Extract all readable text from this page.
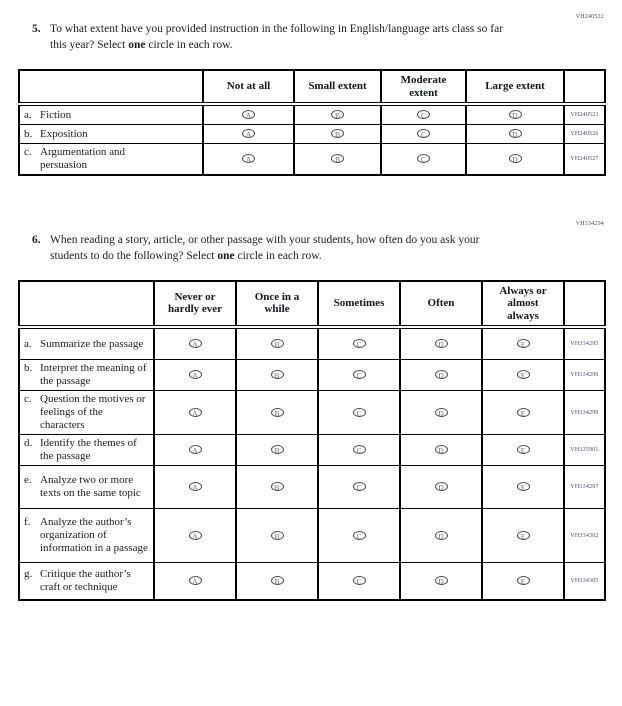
VH240522
5. To what extent have you provided instruction in the following in English/language arts class so far this year? Select one circle in each row.

	Not at all	Small extent	Moderate extent	Large extent	

a. Fiction	A	B	C	D	VH240523

b. Exposition	A	B	C	D	VH240526

c. Argumentation and persuasion	A	B	C	D	VH240527
VH334294
6. When reading a story, article, or other passage with your students, how often do you ask your students to do the following? Select one circle in each row.

	Never or hardly ever	Once in a while	Sometimes	Often	Always or almost always	

a. Summarize the passage	A	B	C	D	E	VH334295

b. Interpret the meaning of the passage	A	B	C	D	E	VH334296

c. Question the motives or feelings of the characters	A	B	C	D	E	VH334299

d. Identify the themes of the passage	A	B	C	D	E	VH335901

e. Analyze two or more texts on the same topic	A	B	C	D	E	VH334297

f. Analyze the author’s organization of information in a passage	A	B	C	D	E	VH334302

g. Critique the author’s craft or technique	A	B	C	D	E	VH334305
